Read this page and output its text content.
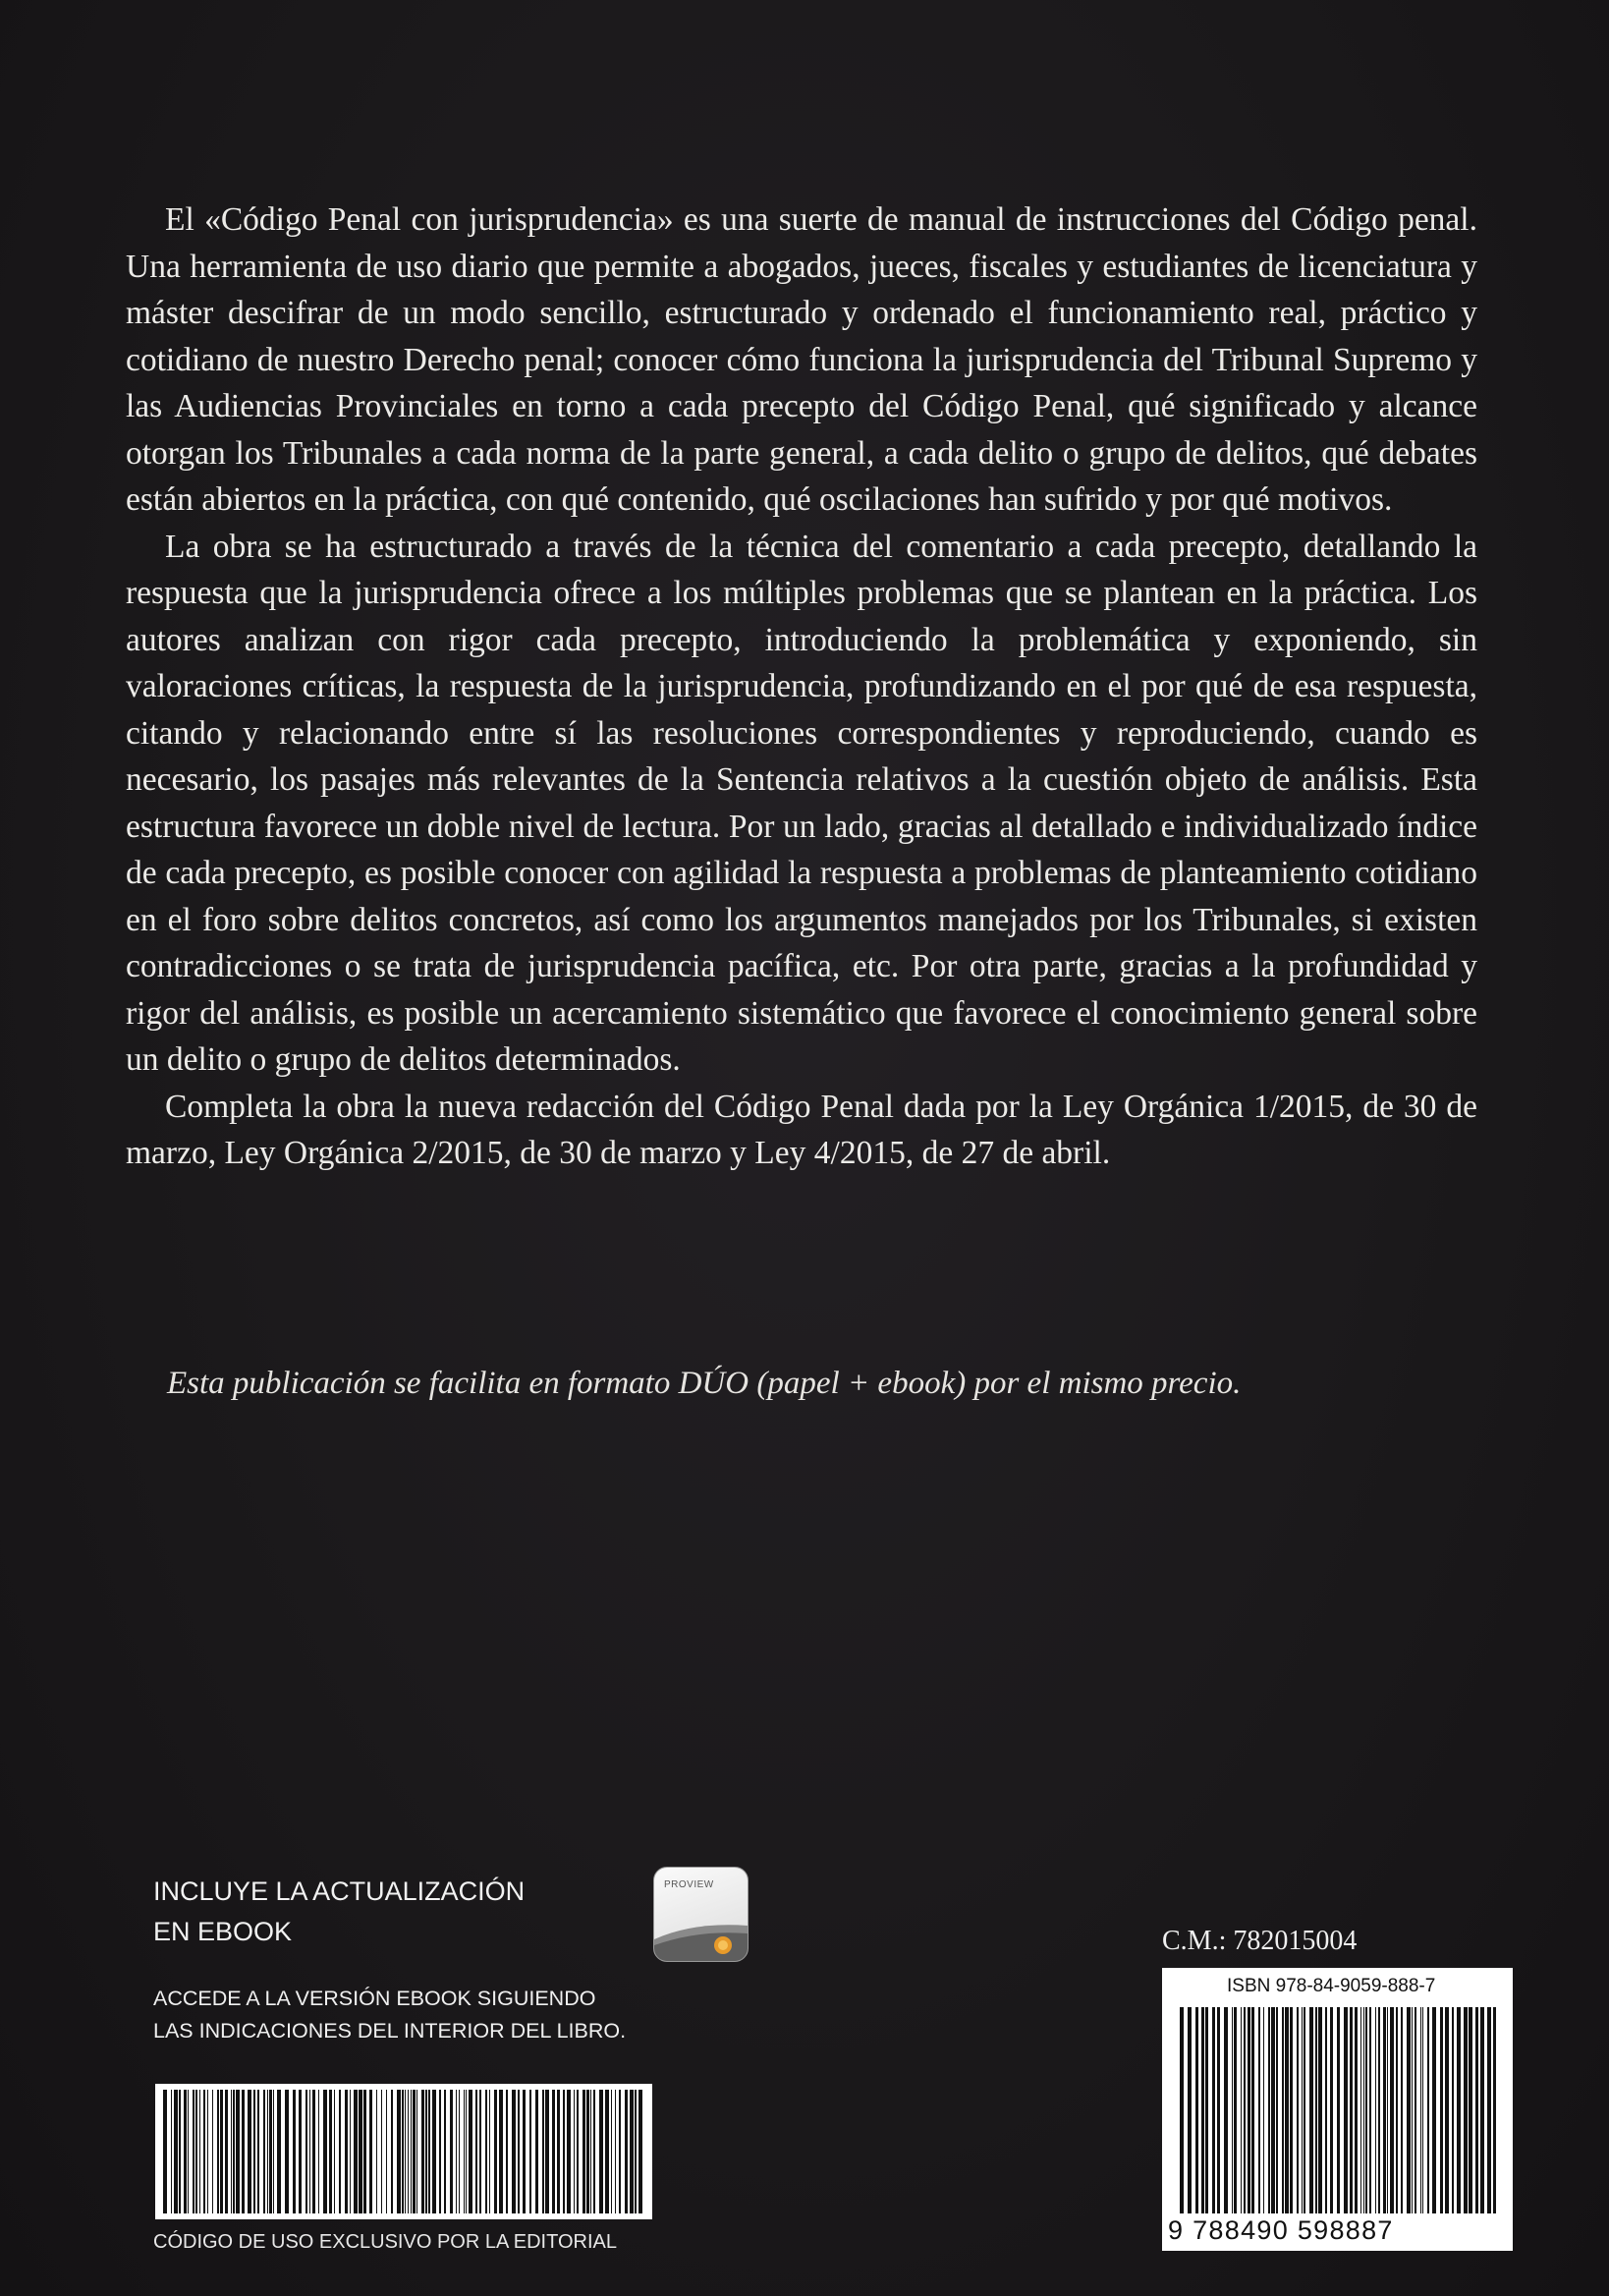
El «Código Penal con jurisprudencia» es una suerte de manual de instrucciones del Código penal. Una herramienta de uso diario que permite a abogados, jueces, fiscales y estudiantes de licenciatura y máster descifrar de un modo sencillo, estructurado y ordenado el funcionamiento real, práctico y cotidiano de nuestro Derecho penal; conocer cómo funciona la jurisprudencia del Tribunal Supremo y las Audiencias Provinciales en torno a cada precepto del Código Penal, qué significado y alcance otorgan los Tribunales a cada norma de la parte general, a cada delito o grupo de delitos, qué debates están abiertos en la práctica, con qué contenido, qué oscilaciones han sufrido y por qué motivos.

La obra se ha estructurado a través de la técnica del comentario a cada precepto, detallando la respuesta que la jurisprudencia ofrece a los múltiples problemas que se plantean en la práctica. Los autores analizan con rigor cada precepto, introduciendo la problemática y exponiendo, sin valoraciones críticas, la respuesta de la jurisprudencia, profundizando en el por qué de esa respuesta, citando y relacionando entre sí las resoluciones correspondientes y reproduciendo, cuando es necesario, los pasajes más relevantes de la Sentencia relativos a la cuestión objeto de análisis. Esta estructura favorece un doble nivel de lectura. Por un lado, gracias al detallado e individualizado índice de cada precepto, es posible conocer con agilidad la respuesta a problemas de planteamiento cotidiano en el foro sobre delitos concretos, así como los argumentos manejados por los Tribunales, si existen contradicciones o se trata de jurisprudencia pacífica, etc. Por otra parte, gracias a la profundidad y rigor del análisis, es posible un acercamiento sistemático que favorece el conocimiento general sobre un delito o grupo de delitos determinados.

Completa la obra la nueva redacción del Código Penal dada por la Ley Orgánica 1/2015, de 30 de marzo, Ley Orgánica 2/2015, de 30 de marzo y Ley 4/2015, de 27 de abril.

Esta publicación se facilita en formato DÚO (papel + ebook) por el mismo precio.
INCLUYE LA ACTUALIZACIÓN
EN EBOOK
PROVIEW
ACCEDE A LA VERSIÓN EBOOK SIGUIENDO
LAS INDICACIONES DEL INTERIOR DEL LIBRO.
CÓDIGO DE USO EXCLUSIVO POR LA EDITORIAL
C.M.: 782015004
ISBN 978-84-9059-888-7
9 788490 598887
